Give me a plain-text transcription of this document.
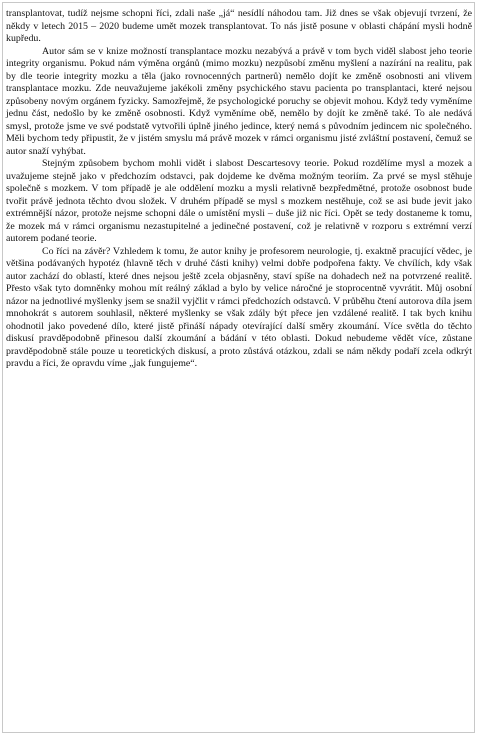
transplantovat, tudíž nejsme schopni říci, zdali naše „já“ nesídlí náhodou tam. Již dnes se však objevují tvrzení, že někdy v letech 2015 – 2020 budeme umět mozek transplantovat. To nás jistě posune v oblasti chápání mysli hodně kupředu.

Autor sám se v knize možností transplantace mozku nezabývá a právě v tom bych viděl slabost jeho teorie integrity organismu. Pokud nám výměna orgánů (mimo mozku) nezpůsobí změnu myšlení a nazírání na realitu, pak by dle teorie integrity mozku a těla (jako rovnocenných partnerů) nemělo dojít ke změně osobnosti ani vlivem transplantace mozku. Zde neuvažujeme jakékoli změny psychického stavu pacienta po transplantaci, které nejsou způsobeny novým orgánem fyzicky. Samozřejmě, že psychologické poruchy se objevit mohou. Když tedy vyměníme jednu část, nedošlo by ke změně osobnosti. Když vyměníme obě, nemělo by dojít ke změně také. To ale nedává smysl, protože jsme ve své podstatě vytvořili úplně jiného jedince, který nemá s původním jedincem nic společného. Měli bychom tedy připustit, že v jistém smyslu má právě mozek v rámci organismu jisté zvláštní postavení, čemuž se autor snaží vyhýbat.

Stejným způsobem bychom mohli vidět i slabost Descartesovy teorie. Pokud rozdělíme mysl a mozek a uvažujeme stejně jako v předchozím odstavci, pak dojdeme ke dvěma možným teoriím. Za prvé se mysl stěhuje společně s mozkem. V tom případě je ale oddělení mozku a mysli relativně bezpředmětné, protože osobnost bude tvořit právě jednota těchto dvou složek. V druhém případě se mysl s mozkem nestěhuje, což se asi bude jevit jako extrémnější názor, protože nejsme schopni dále o umístění mysli – duše již nic říci. Opět se tedy dostaneme k tomu, že mozek má v rámci organismu nezastupitelné a jedinečné postavení, což je relativně v rozporu s extrémní verzí autorem podané teorie.

Co říci na závěr? Vzhledem k tomu, že autor knihy je profesorem neurologie, tj. exaktně pracující vědec, je většina podávaných hypotéz (hlavně těch v druhé části knihy) velmi dobře podpořena fakty. Ve chvílích, kdy však autor zachází do oblastí, které dnes nejsou ještě zcela objasněny, staví spíše na dohadech než na potvrzené realitě. Přesto však tyto domněnky mohou mít reálný základ a bylo by velice náročné je stoprocentně vyvrátit. Můj osobní názor na jednotlivé myšlenky jsem se snažil vyjčlit v rámci předchozích odstavců. V průběhu čtení autorova díla jsem mnohokrát s autorem souhlasil, některé myšlenky se však zdály být přece jen vzdálené realitě. I tak bych knihu ohodnotil jako povedené dílo, které jistě přináší nápady otevírající další směry zkoumání. Více světla do těchto diskusí pravděpodobně přinesou další zkoumání a bádání v této oblasti. Dokud nebudeme vědět více, zůstane pravděpodobně stále pouze u teoretických diskusí, a proto zůstává otázkou, zdali se nám někdy podaří zcela odkrýt pravdu a říci, že opravdu víme „jak fungujeme“.
